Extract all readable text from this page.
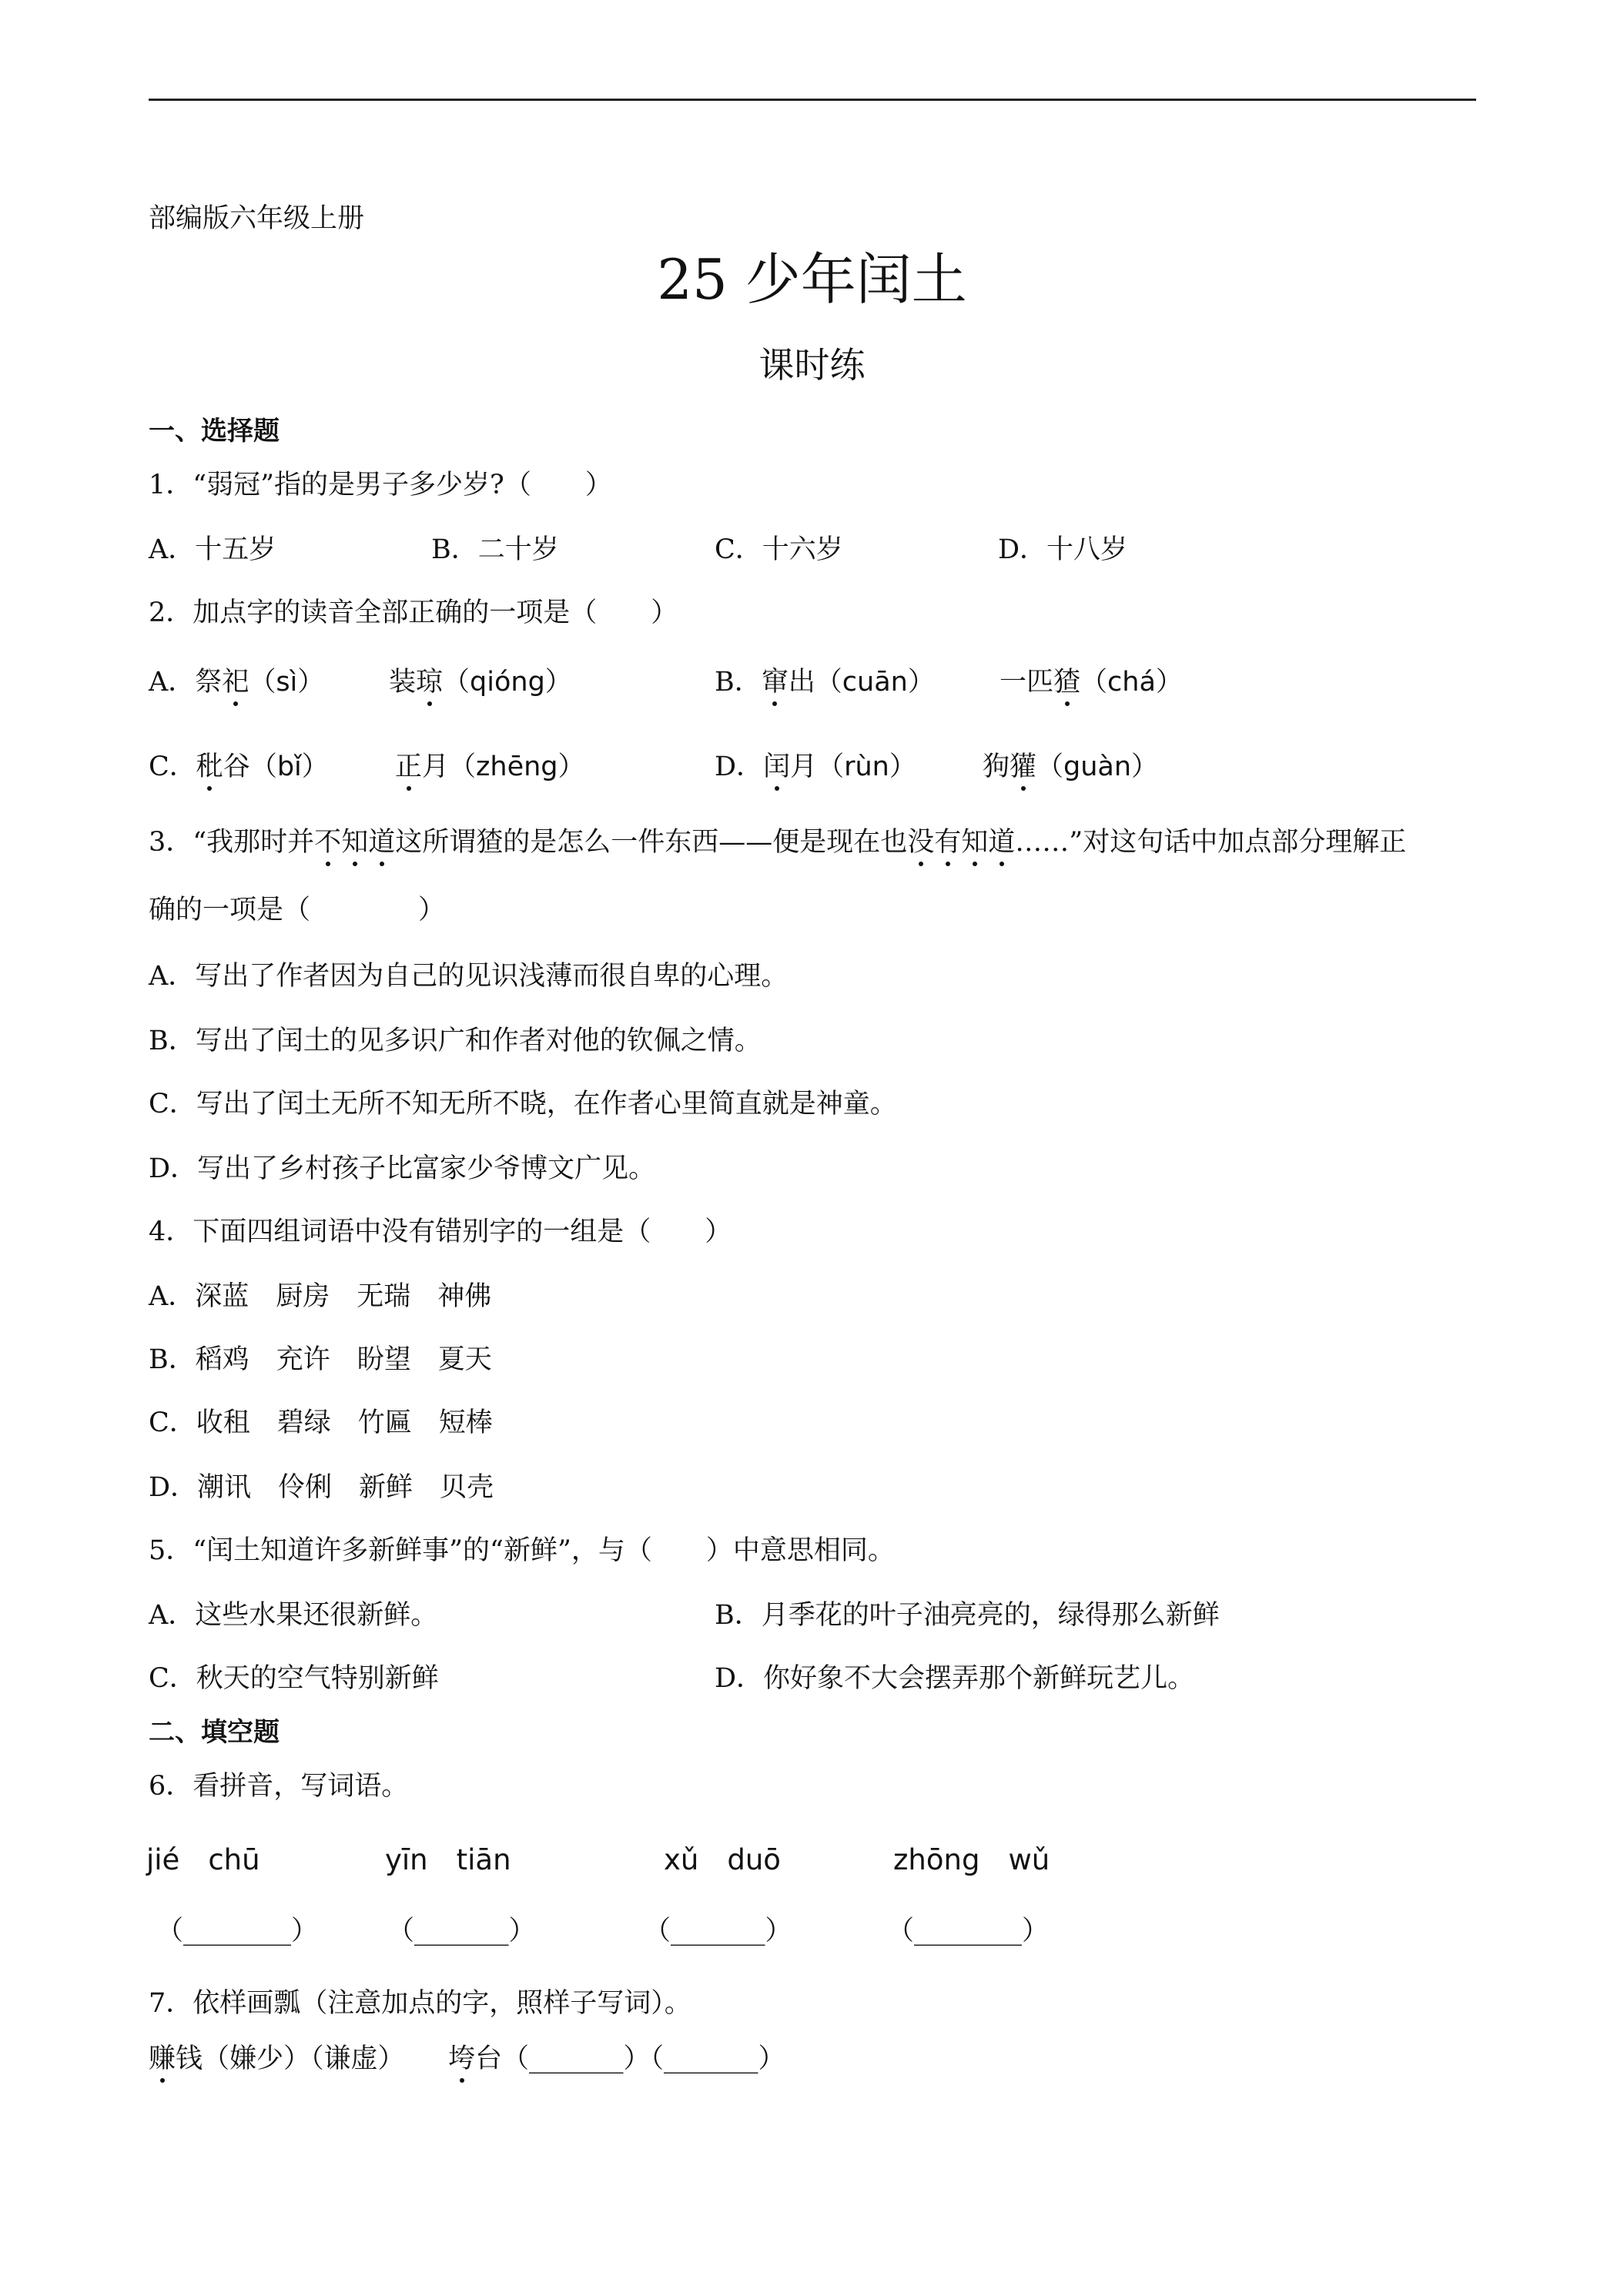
部编版六年级上册
25 少年闰土
课时练
一、选择题
1．“弱冠”指的是男子多少岁?（　　）
A．十五岁	B．二十岁	C．十六岁	D．十八岁
2．加点字的读音全部正确的一项是（　　）
A．祭祀（sì） 装琼（qióng）	B．窜出（cuān） 一匹猹（chá）
C．秕谷（bǐ） 正月（zhēng）	D．闰月（rùn） 狗獾（guàn）
3．“我那时并不知道这所谓猹的是怎么一件东西——便是现在也没有知道……”对这句话中加点部分理解正
确的一项是（　　　　）
A．写出了作者因为自己的见识浅薄而很自卑的心理。
B．写出了闰土的见多识广和作者对他的钦佩之情。
C．写出了闰土无所不知无所不晓，在作者心里简直就是神童。
D．写出了乡村孩子比富家少爷博文广见。
4．下面四组词语中没有错别字的一组是（　　）
A．深蓝　厨房　无瑞　神佛
B．稻鸡　充许　盼望　夏天
C．收租　碧绿　竹匾　短棒
D．潮讯　伶俐　新鲜　贝壳
5．“闰土知道许多新鲜事”的“新鲜”，与（　　）中意思相同。
A．这些水果还很新鲜。	B．月季花的叶子油亮亮的，绿得那么新鲜
C．秋天的空气特别新鲜	D．你好象不大会摆弄那个新鲜玩艺儿。
二、填空题
6．看拼音，写词语。
jié　chū	yīn　tiān	xǔ　duō	zhōng　wǔ
（________）	（_______）	（_______）	（________）
7．依样画瓢（注意加点的字，照样子写词）。
赚钱（嫌少）（谦虚） 垮台（_______）（_______）
